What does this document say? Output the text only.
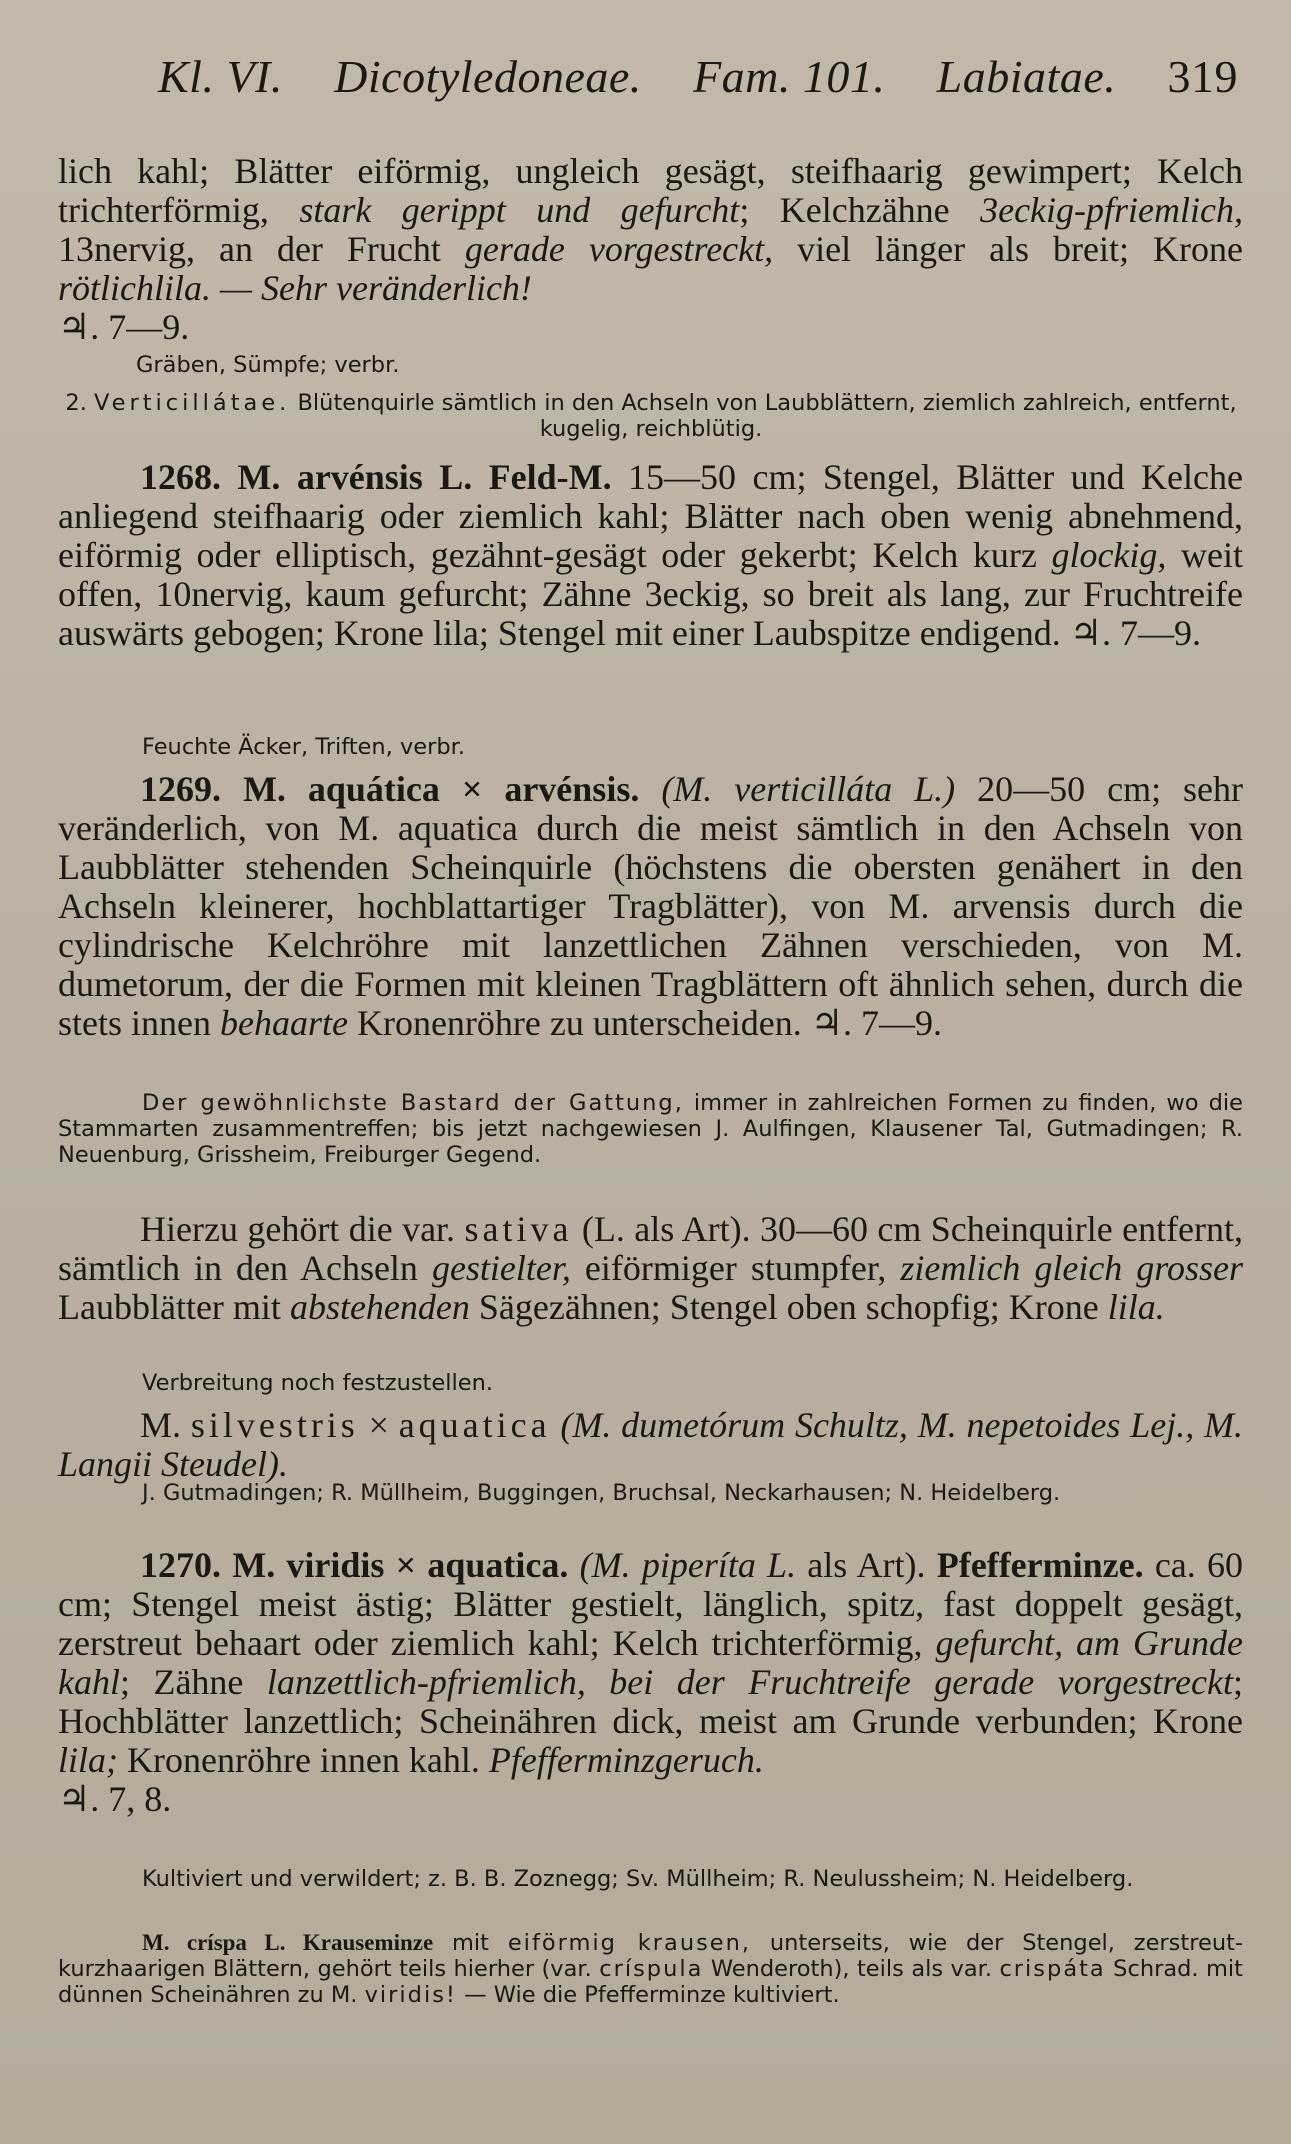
Kl. VI. Dicotyledoneae. Fam. 101. Labiatae. 319

lich kahl; Blätter eiförmig, ungleich gesägt, steifhaarig gewimpert; Kelch trichterförmig, stark gerippt und gefurcht; Kelchzähne 3eckig-pfriemlich, 13nervig, an der Frucht gerade vorgestreckt, viel länger als breit; Krone rötlichlila. — Sehr veränderlich!

♃. 7—9.

Gräben, Sümpfe; verbr.

2. Verticillátae. Blütenquirle sämtlich in den Achseln von Laubblättern, ziemlich zahlreich, entfernt, kugelig, reichblütig.

1268. M. arvénsis L. Feld-M. 15—50 cm; Stengel, Blätter und Kelche anliegend steifhaarig oder ziemlich kahl; Blätter nach oben wenig abnehmend, eiförmig oder elliptisch, gezähnt-gesägt oder gekerbt; Kelch kurz glockig, weit offen, 10nervig, kaum gefurcht; Zähne 3eckig, so breit als lang, zur Fruchtreife auswärts gebogen; Krone lila; Stengel mit einer Laubspitze endigend. ♃. 7—9.

Feuchte Äcker, Triften, verbr.

1269. M. aquática × arvénsis. (M. verticilláta L.) 20—50 cm; sehr veränderlich, von M. aquatica durch die meist sämtlich in den Achseln von Laubblätter stehenden Scheinquirle (höchstens die obersten genähert in den Achseln kleinerer, hochblattartiger Tragblätter), von M. arvensis durch die cylindrische Kelchröhre mit lanzettlichen Zähnen verschieden, von M. dumetorum, der die Formen mit kleinen Tragblättern oft ähnlich sehen, durch die stets innen behaarte Kronenröhre zu unterscheiden. ♃. 7—9.

Der gewöhnlichste Bastard der Gattung, immer in zahlreichen Formen zu finden, wo die Stammarten zusammentreffen; bis jetzt nachgewiesen J. Aulfingen, Klausener Tal, Gutmadingen; R. Neuenburg, Grissheim, Freiburger Gegend.

Hierzu gehört die var. sativa (L. als Art). 30—60 cm Scheinquirle entfernt, sämtlich in den Achseln gestielter, eiförmiger stumpfer, ziemlich gleich grosser Laubblätter mit abstehenden Sägezähnen; Stengel oben schopfig; Krone lila.

Verbreitung noch festzustellen.

M. silvestris × aquatica (M. dumetórum Schultz, M. nepetoides Lej., M. Langii Steudel).

J. Gutmadingen; R. Müllheim, Buggingen, Bruchsal, Neckarhausen; N. Heidelberg.

1270. M. viridis × aquatica. (M. piperíta L. als Art). Pfefferminze. ca. 60 cm; Stengel meist ästig; Blätter gestielt, länglich, spitz, fast doppelt gesägt, zerstreut behaart oder ziemlich kahl; Kelch trichterförmig, gefurcht, am Grunde kahl; Zähne lanzettlich-pfriemlich, bei der Fruchtreife gerade vorgestreckt; Hochblätter lanzettlich; Scheinähren dick, meist am Grunde verbunden; Krone lila; Kronenröhre innen kahl. Pfefferminzgeruch.

♃. 7, 8.

Kultiviert und verwildert; z. B. B. Zoznegg; Sv. Müllheim; R. Neulussheim; N. Heidelberg.

M. críspa L. Krauseminze mit eiförmig krausen, unterseits, wie der Stengel, zerstreut-kurzhaarigen Blättern, gehört teils hierher (var. críspula Wenderoth), teils als var. crispáta Schrad. mit dünnen Scheinähren zu M. viridis! — Wie die Pfefferminze kultiviert.
